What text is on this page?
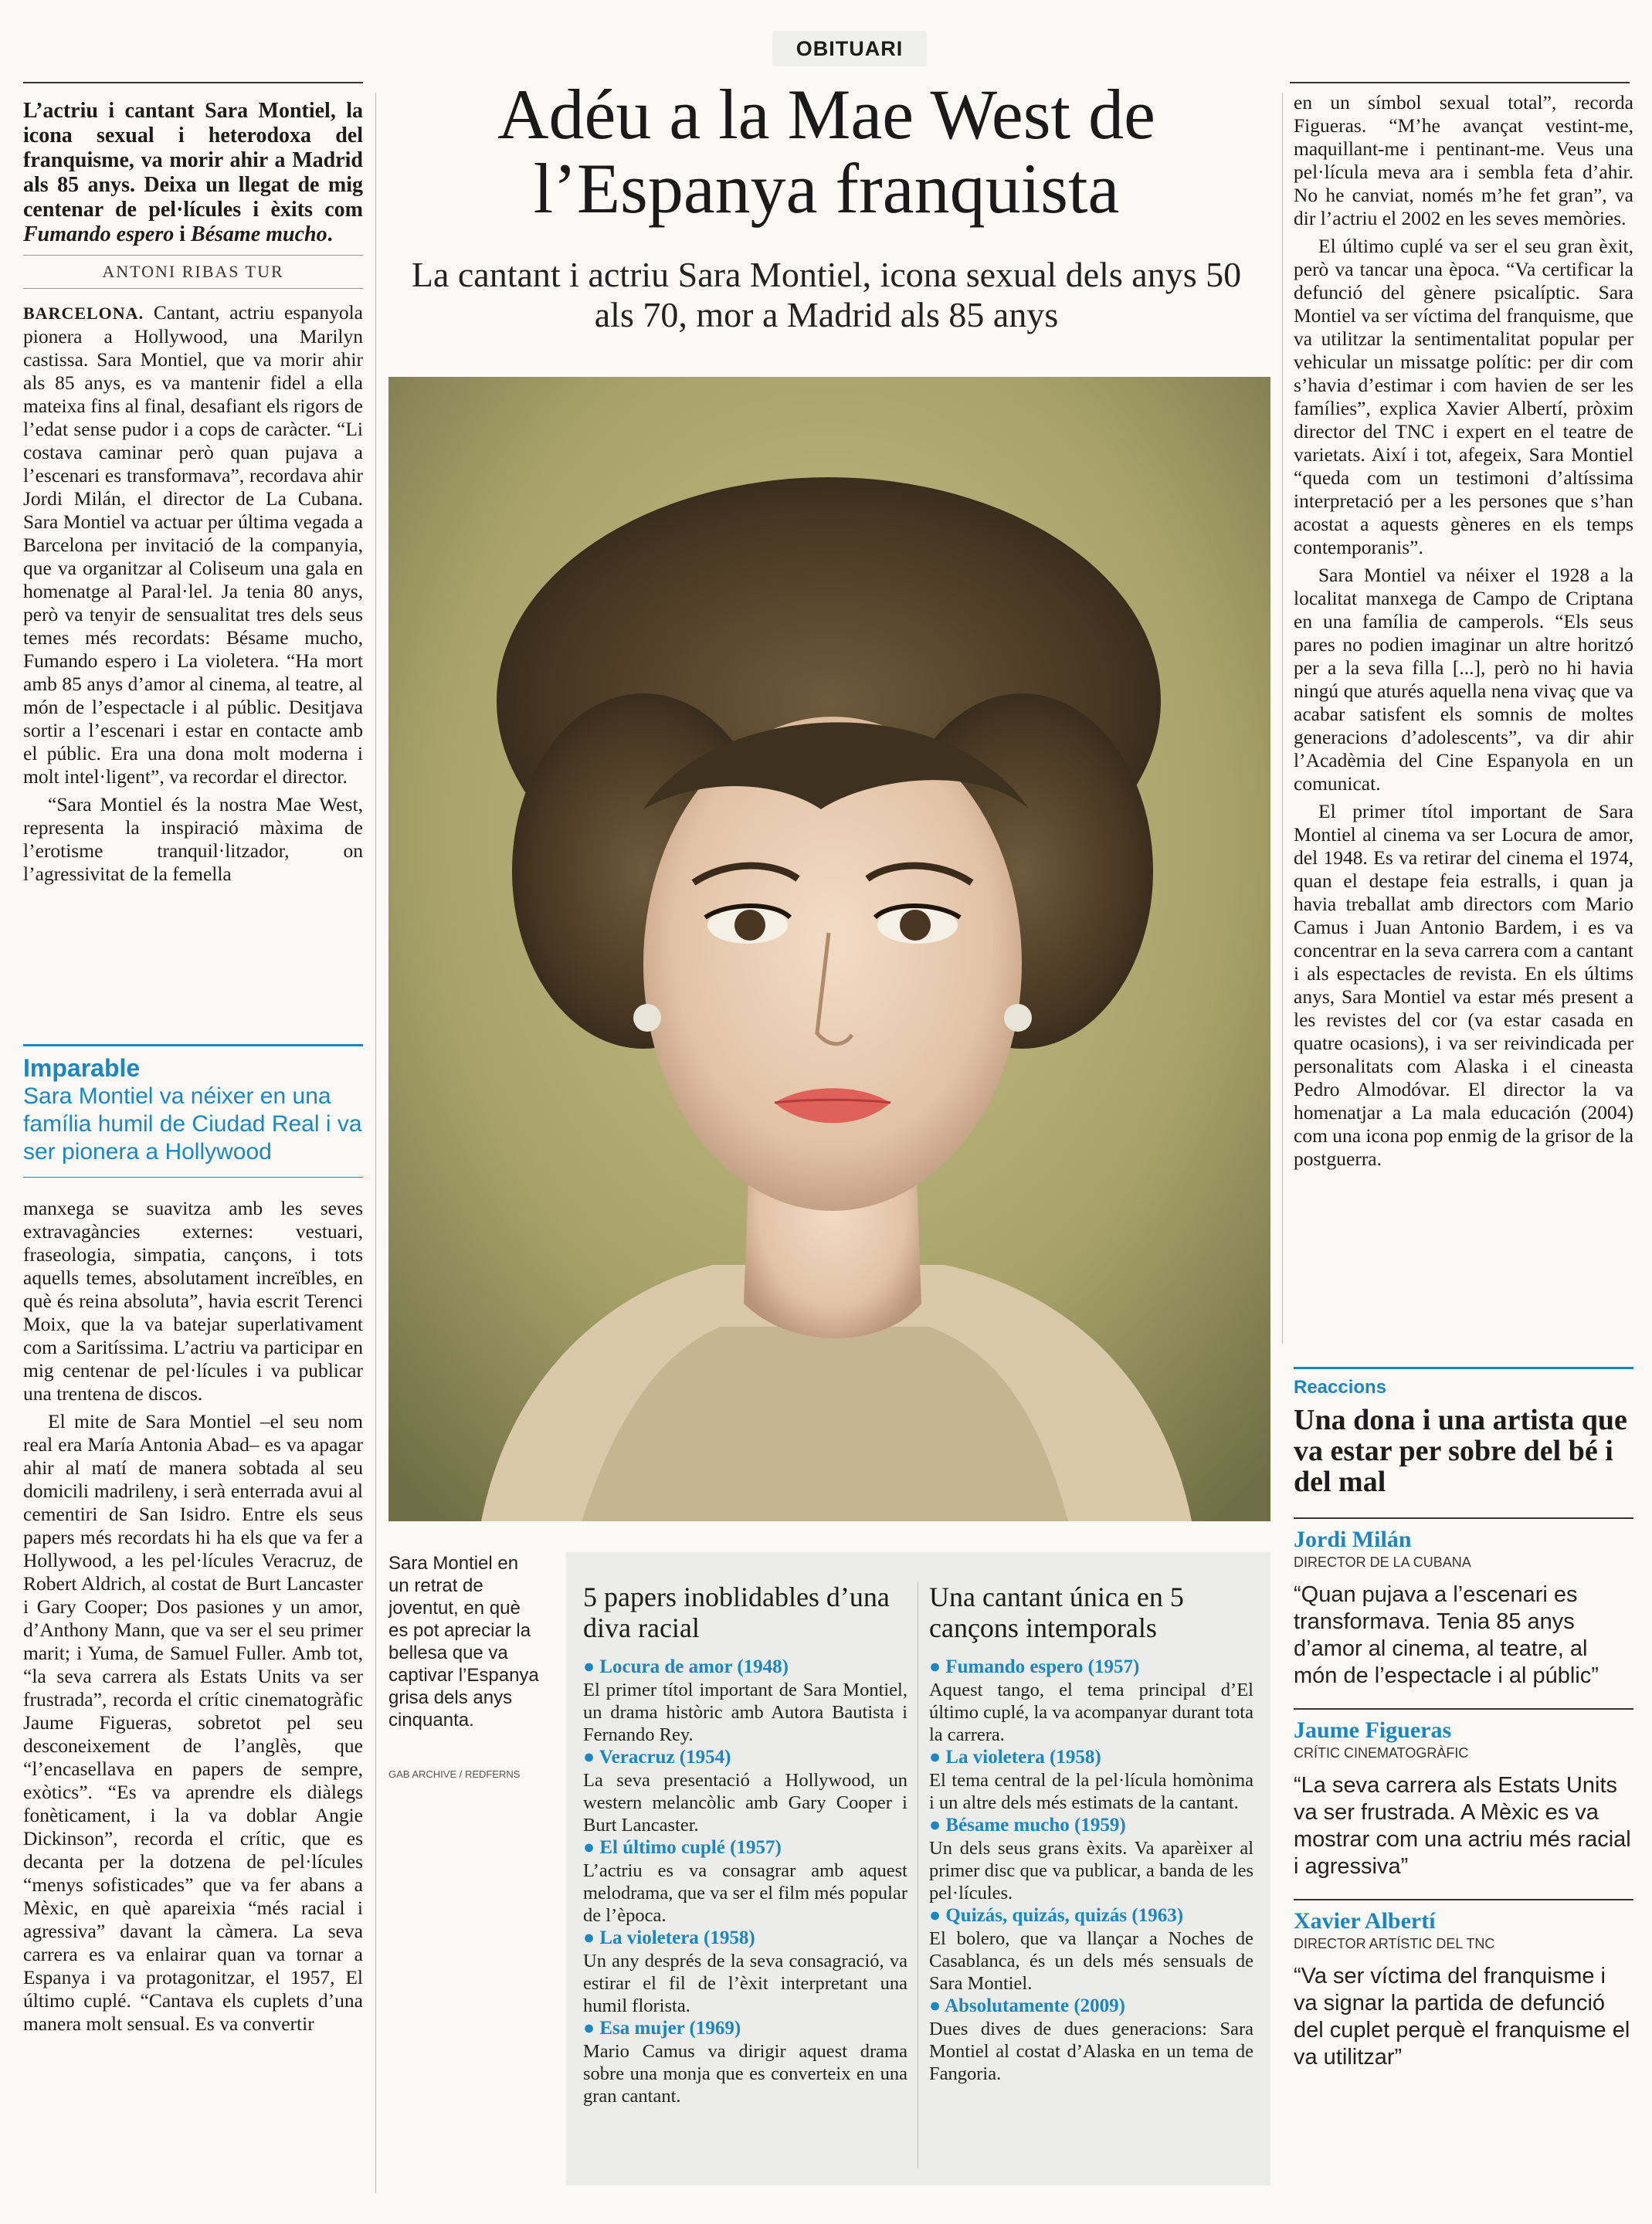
OBITUARI
L’actriu i cantant Sara Montiel, la icona sexual i heterodoxa del franquisme, va morir ahir a Madrid als 85 anys. Deixa un llegat de mig centenar de pel·lícules i èxits com Fumando espero i Bésame mucho.
ANTONI RIBAS TUR
Adéu a la Mae West de l’Espanya franquista
La cantant i actriu Sara Montiel, icona sexual dels anys 50 als 70, mor a Madrid als 85 anys

BARCELONA. Cantant, actriu espanyola pionera a Hollywood, una Marilyn castissa. Sara Montiel, que va morir ahir als 85 anys, es va mantenir fidel a ella mateixa fins al final, desafiant els rigors de l’edat sense pudor i a cops de caràcter. “Li costava caminar però quan pujava a l’escenari es transformava”, recordava ahir Jordi Milán, el director de La Cubana. Sara Montiel va actuar per última vegada a Barcelona per invitació de la companyia, que va organitzar al Coliseum una gala en homenatge al Paral·lel. Ja tenia 80 anys, però va tenyir de sensualitat tres dels seus temes més recordats: Bésame mucho, Fumando espero i La violetera. “Ha mort amb 85 anys d’amor al cinema, al teatre, al món de l’espectacle i al públic. Desitjava sortir a l’escenari i estar en contacte amb el públic. Era una dona molt moderna i molt intel·ligent”, va recordar el director.

“Sara Montiel és la nostra Mae West, representa la inspiració màxima de l’erotisme tranquil·litzador, on l’agressivitat de la femella

Imparable
Sara Montiel va néixer en una família humil de Ciudad Real i va ser pionera a Hollywood

manxega se suavitza amb les seves extravagàncies externes: vestuari, fraseologia, simpatia, cançons, i tots aquells temes, absolutament increïbles, en què és reina absoluta”, havia escrit Terenci Moix, que la va batejar superlativament com a Saritíssima. L’actriu va participar en mig centenar de pel·lícules i va publicar una trentena de discos.

El mite de Sara Montiel –el seu nom real era María Antonia Abad– es va apagar ahir al matí de manera sobtada al seu domicili madrileny, i serà enterrada avui al cementiri de San Isidro. Entre els seus papers més recordats hi ha els que va fer a Hollywood, a les pel·lícules Veracruz, de Robert Aldrich, al costat de Burt Lancaster i Gary Cooper; Dos pasiones y un amor, d’Anthony Mann, que va ser el seu primer marit; i Yuma, de Samuel Fuller. Amb tot, “la seva carrera als Estats Units va ser frustrada”, recorda el crític cinematogràfic Jaume Figueras, sobretot pel seu desconeixement de l’anglès, que “l’encasellava en papers de sempre, exòtics”. “Es va aprendre els diàlegs fonèticament, i la va doblar Angie Dickinson”, recorda el crític, que es decanta per la dotzena de pel·lícules “menys sofisticades” que va fer abans a Mèxic, en què apareixia “més racial i agressiva” davant la càmera. La seva carrera es va enlairar quan va tornar a Espanya i va protagonitzar, el 1957, El último cuplé. “Cantava els cuplets d’una manera molt sensual. Es va convertir

Sara Montiel en un retrat de joventut, en què es pot apreciar la bellesa que va captivar l’Espanya grisa dels anys cinquanta.
GAB ARCHIVE / REDFERNS
5 papers inoblidables d’una diva racial
● Locura de amor (1948)
El primer títol important de Sara Montiel, un drama històric amb Autora Bautista i Fernando Rey.
● Veracruz (1954)
La seva presentació a Hollywood, un western melancòlic amb Gary Cooper i Burt Lancaster.
● El último cuplé (1957)
L’actriu es va consagrar amb aquest melodrama, que va ser el film més popular de l’època.
● La violetera (1958)
Un any després de la seva consagració, va estirar el fil de l’èxit interpretant una humil florista.
● Esa mujer (1969)
Mario Camus va dirigir aquest drama sobre una monja que es converteix en una gran cantant.
Una cantant única en 5 cançons intemporals
● Fumando espero (1957)
Aquest tango, el tema principal d’El último cuplé, la va acompanyar durant tota la carrera.
● La violetera (1958)
El tema central de la pel·lícula homònima i un altre dels més estimats de la cantant.
● Bésame mucho (1959)
Un dels seus grans èxits. Va aparèixer al primer disc que va publicar, a banda de les pel·lícules.
● Quizás, quizás, quizás (1963)
El bolero, que va llançar a Noches de Casablanca, és un dels més sensuals de Sara Montiel.
● Absolutamente (2009)
Dues dives de dues generacions: Sara Montiel al costat d’Alaska en un tema de Fangoria.

en un símbol sexual total”, recorda Figueras. “M’he avançat vestint-me, maquillant-me i pentinant-me. Veus una pel·lícula meva ara i sembla feta d’ahir. No he canviat, només m’he fet gran”, va dir l’actriu el 2002 en les seves memòries.

El último cuplé va ser el seu gran èxit, però va tancar una època. “Va certificar la defunció del gènere psicalíptic. Sara Montiel va ser víctima del franquisme, que va utilitzar la sentimentalitat popular per vehicular un missatge polític: per dir com s’havia d’estimar i com havien de ser les famílies”, explica Xavier Albertí, pròxim director del TNC i expert en el teatre de varietats. Així i tot, afegeix, Sara Montiel “queda com un testimoni d’altíssima interpretació per a les persones que s’han acostat a aquests gèneres en els temps contemporanis”.

Sara Montiel va néixer el 1928 a la localitat manxega de Campo de Criptana en una família de camperols. “Els seus pares no podien imaginar un altre horitzó per a la seva filla [...], però no hi havia ningú que aturés aquella nena vivaç que va acabar satisfent els somnis de moltes generacions d’adolescents”, va dir ahir l’Acadèmia del Cine Espanyola en un comunicat.

El primer títol important de Sara Montiel al cinema va ser Locura de amor, del 1948. Es va retirar del cinema el 1974, quan el destape feia estralls, i quan ja havia treballat amb directors com Mario Camus i Juan Antonio Bardem, i es va concentrar en la seva carrera com a cantant i als espectacles de revista. En els últims anys, Sara Montiel va estar més present a les revistes del cor (va estar casada en quatre ocasions), i va ser reivindicada per personalitats com Alaska i el cineasta Pedro Almodóvar. El director la va homenatjar a La mala educación (2004) com una icona pop enmig de la grisor de la postguerra.

Reaccions
Una dona i una artista que va estar per sobre del bé i del mal
Jordi Milán
DIRECTOR DE LA CUBANA
“Quan pujava a l’escenari es transformava. Tenia 85 anys d’amor al cinema, al teatre, al món de l’espectacle i al públic”
Jaume Figueras
CRÍTIC CINEMATOGRÀFIC
“La seva carrera als Estats Units va ser frustrada. A Mèxic es va mostrar com una actriu més racial i agressiva”
Xavier Albertí
DIRECTOR ARTÍSTIC DEL TNC
“Va ser víctima del franquisme i va signar la partida de defunció del cuplet perquè el franquisme el va utilitzar”
